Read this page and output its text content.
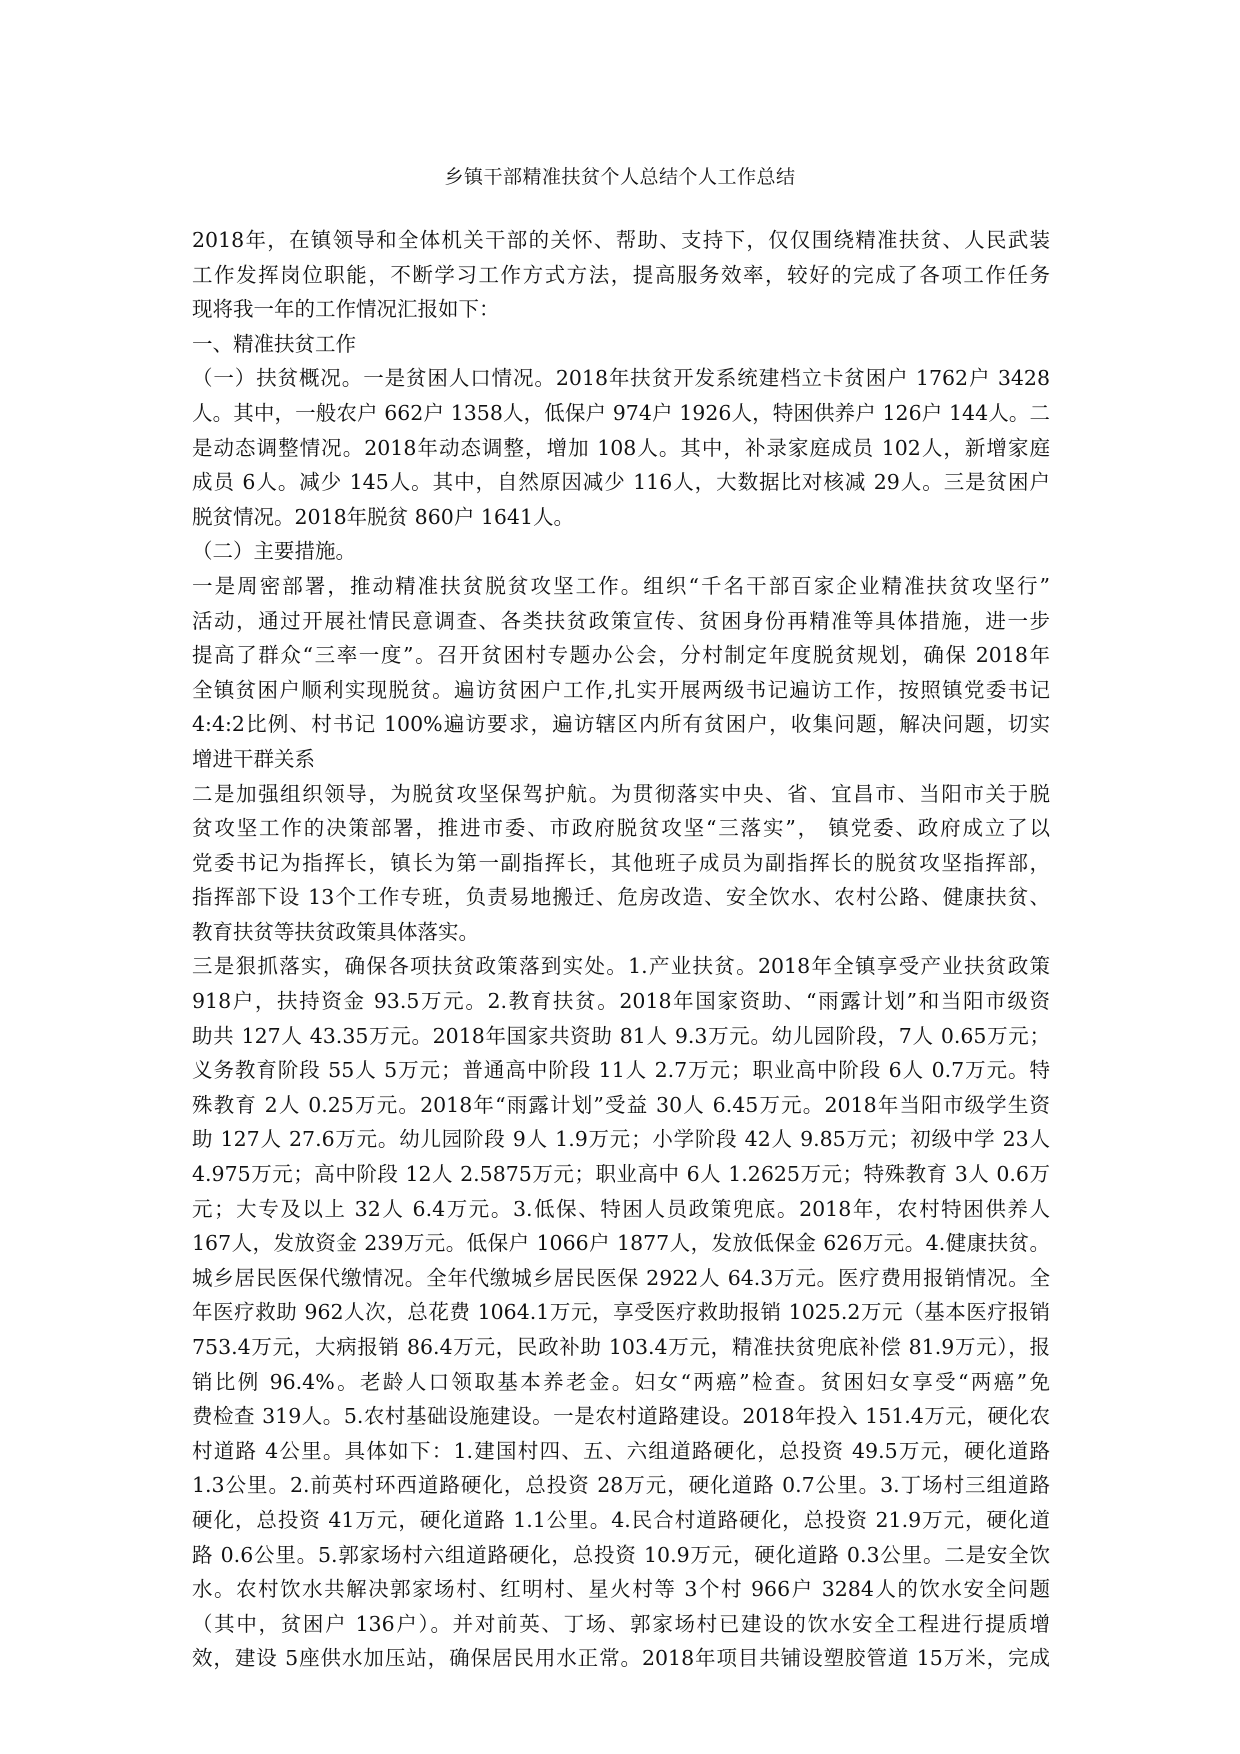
乡镇干部精准扶贫个人总结个人工作总结
2018年，在镇领导和全体机关干部的关怀、帮助、支持下，仅仅围绕精准扶贫、人民武装
工作发挥岗位职能，不断学习工作方式方法，提高服务效率，较好的完成了各项工作任务
现将我一年的工作情况汇报如下：
一、精准扶贫工作
（一）扶贫概况。一是贫困人口情况。2018年扶贫开发系统建档立卡贫困户 1762户 3428
人。其中，一般农户 662户 1358人，低保户 974户 1926人，特困供养户 126户 144人。二
是动态调整情况。2018年动态调整，增加 108人。其中，补录家庭成员 102人，新增家庭
成员 6人。减少 145人。其中，自然原因减少 116人，大数据比对核减 29人。三是贫困户
脱贫情况。2018年脱贫 860户 1641人。
（二）主要措施。
一是周密部署，推动精准扶贫脱贫攻坚工作。组织“千名干部百家企业精准扶贫攻坚行”
活动，通过开展社情民意调查、各类扶贫政策宣传、贫困身份再精准等具体措施，进一步
提高了群众“三率一度”。召开贫困村专题办公会，分村制定年度脱贫规划，确保 2018年
全镇贫困户顺利实现脱贫。遍访贫困户工作,扎实开展两级书记遍访工作，按照镇党委书记
4:4:2比例、村书记 100%遍访要求，遍访辖区内所有贫困户，收集问题，解决问题，切实
增进干群关系
二是加强组织领导，为脱贫攻坚保驾护航。为贯彻落实中央、省、宜昌市、当阳市关于脱
贫攻坚工作的决策部署，推进市委、市政府脱贫攻坚“三落实”， 镇党委、政府成立了以
党委书记为指挥长，镇长为第一副指挥长，其他班子成员为副指挥长的脱贫攻坚指挥部，
指挥部下设 13个工作专班，负责易地搬迁、危房改造、安全饮水、农村公路、健康扶贫、
教育扶贫等扶贫政策具体落实。
三是狠抓落实，确保各项扶贫政策落到实处。1.产业扶贫。2018年全镇享受产业扶贫政策
918户，扶持资金 93.5万元。2.教育扶贫。2018年国家资助、“雨露计划”和当阳市级资
助共 127人 43.35万元。2018年国家共资助 81人 9.3万元。幼儿园阶段，7人 0.65万元；
义务教育阶段 55人 5万元；普通高中阶段 11人 2.7万元；职业高中阶段 6人 0.7万元。特
殊教育 2人 0.25万元。2018年“雨露计划”受益 30人 6.45万元。2018年当阳市级学生资
助 127人 27.6万元。幼儿园阶段 9人 1.9万元；小学阶段 42人 9.85万元；初级中学 23人
4.975万元；高中阶段 12人 2.5875万元；职业高中 6人 1.2625万元；特殊教育 3人 0.6万
元；大专及以上 32人 6.4万元。3.低保、特困人员政策兜底。2018年，农村特困供养人
167人，发放资金 239万元。低保户 1066户 1877人，发放低保金 626万元。4.健康扶贫。
城乡居民医保代缴情况。全年代缴城乡居民医保 2922人 64.3万元。医疗费用报销情况。全
年医疗救助 962人次，总花费 1064.1万元，享受医疗救助报销 1025.2万元（基本医疗报销
753.4万元，大病报销 86.4万元，民政补助 103.4万元，精准扶贫兜底补偿 81.9万元），报
销比例 96.4%。老龄人口领取基本养老金。妇女“两癌”检查。贫困妇女享受“两癌”免
费检查 319人。5.农村基础设施建设。一是农村道路建设。2018年投入 151.4万元，硬化农
村道路 4公里。具体如下：1.建国村四、五、六组道路硬化，总投资 49.5万元，硬化道路
1.3公里。2.前英村环西道路硬化，总投资 28万元，硬化道路 0.7公里。3.丁场村三组道路
硬化，总投资 41万元，硬化道路 1.1公里。4.民合村道路硬化，总投资 21.9万元，硬化道
路 0.6公里。5.郭家场村六组道路硬化，总投资 10.9万元，硬化道路 0.3公里。二是安全饮
水。农村饮水共解决郭家场村、红明村、星火村等 3个村 966户 3284人的饮水安全问题
（其中，贫困户 136户）。并对前英、丁场、郭家场村已建设的饮水安全工程进行提质增
效，建设 5座供水加压站，确保居民用水正常。2018年项目共铺设塑胶管道 15万米，完成
